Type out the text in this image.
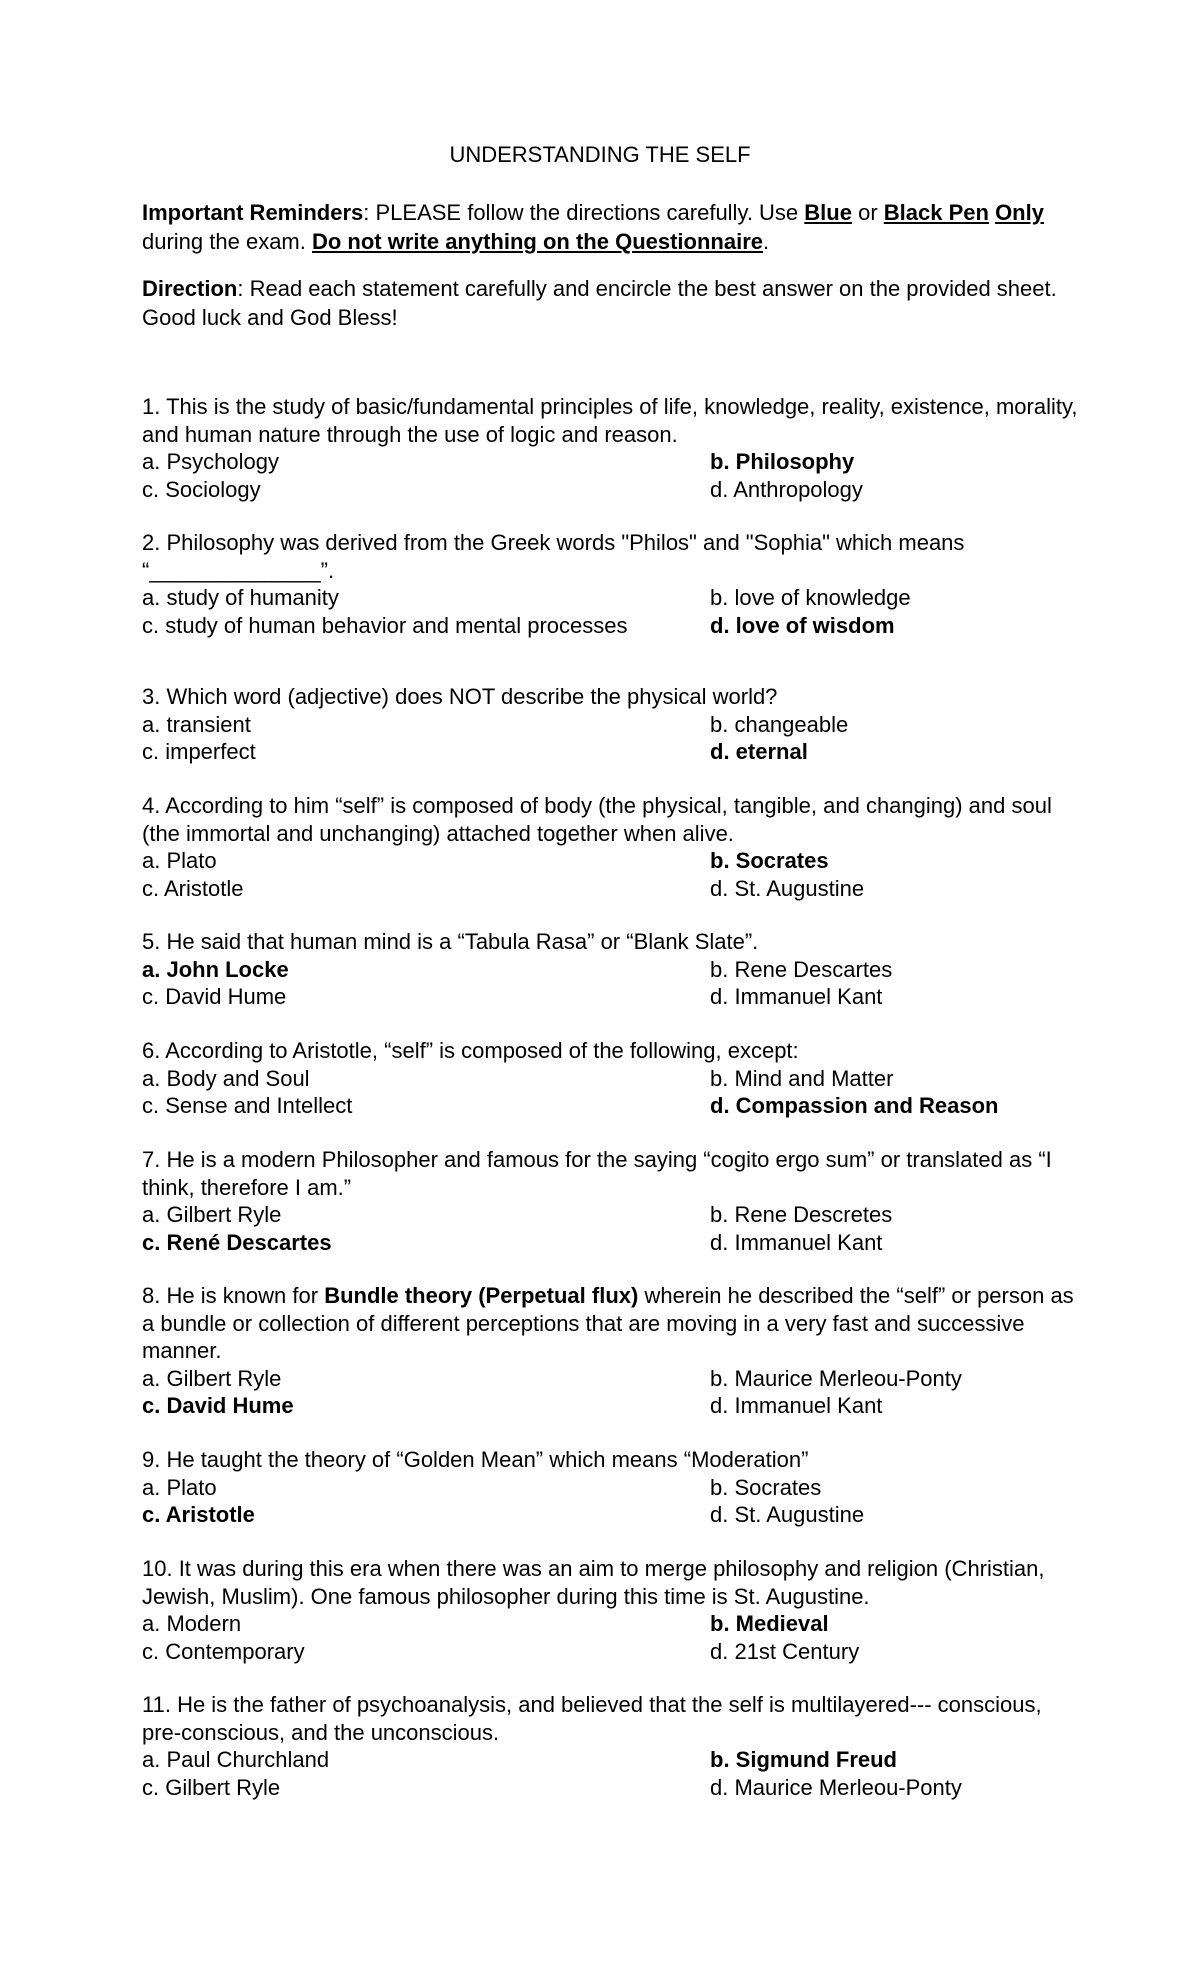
UNDERSTANDING THE SELF
Important Reminders: PLEASE follow the directions carefully. Use Blue or Black Pen Only during the exam. Do not write anything on the Questionnaire.
Direction: Read each statement carefully and encircle the best answer on the provided sheet. Good luck and God Bless!
1. This is the study of basic/fundamental principles of life, knowledge, reality, existence, morality, and human nature through the use of logic and reason.
a. Psychology	b. Philosophy
c. Sociology	d. Anthropology
2. Philosophy was derived from the Greek words "Philos" and "Sophia" which means “______________”.
a. study of humanity	b. love of knowledge
c. study of human behavior and mental processes	d. love of wisdom
3. Which word (adjective) does NOT describe the physical world?
a. transient	b. changeable
c. imperfect	d. eternal
4. According to him “self” is composed of body (the physical, tangible, and changing) and soul (the immortal and unchanging) attached together when alive.
a. Plato	b. Socrates
c. Aristotle	d. St. Augustine
5. He said that human mind is a “Tabula Rasa” or “Blank Slate”.
a. John Locke	b. Rene Descartes
c. David Hume	d. Immanuel Kant
6. According to Aristotle, “self” is composed of the following, except:
a. Body and Soul	b. Mind and Matter
c. Sense and Intellect	d. Compassion and Reason
7. He is a modern Philosopher and famous for the saying “cogito ergo sum” or translated as “I think, therefore I am.”
a. Gilbert Ryle	b. Rene Descretes
c. René Descartes	d. Immanuel Kant
8. He is known for Bundle theory (Perpetual flux) wherein he described the “self” or person as a bundle or collection of different perceptions that are moving in a very fast and successive manner.
a. Gilbert Ryle	b. Maurice Merleou-Ponty
c. David Hume	d. Immanuel Kant
9. He taught the theory of “Golden Mean” which means “Moderation”
a. Plato	b. Socrates
c. Aristotle	d. St. Augustine
10. It was during this era when there was an aim to merge philosophy and religion (Christian, Jewish, Muslim). One famous philosopher during this time is St. Augustine.
a. Modern	b. Medieval
c. Contemporary	d. 21st Century
11. He is the father of psychoanalysis, and believed that the self is multilayered--- conscious, pre-conscious, and the unconscious.
a. Paul Churchland	b. Sigmund Freud
c. Gilbert Ryle	d. Maurice Merleou-Ponty
